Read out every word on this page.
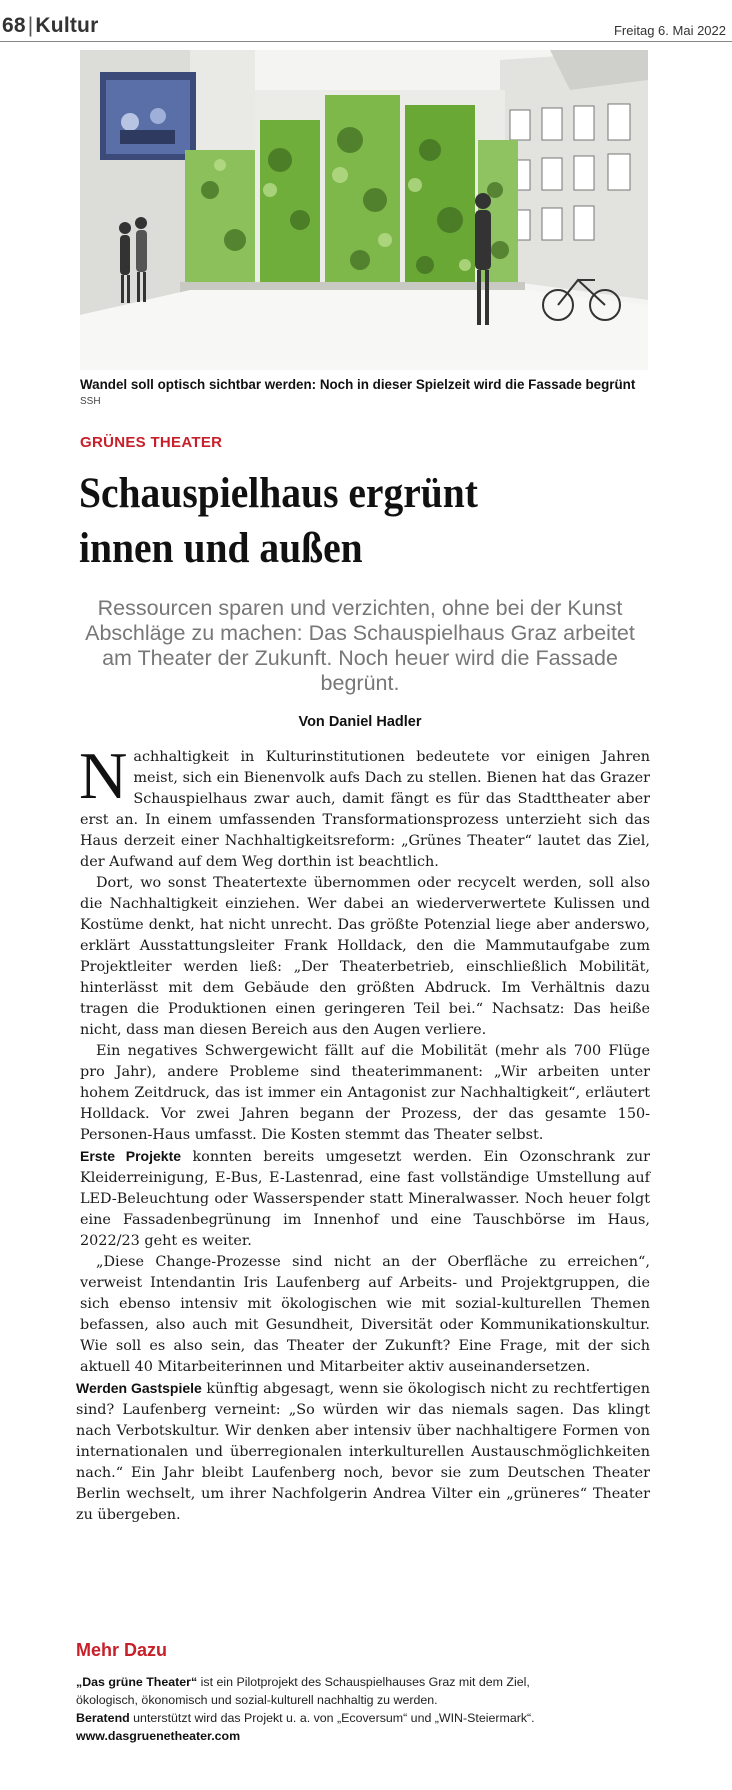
68|Kultur	Freitag 6. Mai 2022
Wandel soll optisch sichtbar werden: Noch in dieser Spielzeit wird die Fassade begrünt
SSH
GRÜNES THEATER
Schauspielhaus ergrünt
innen und außen
Ressourcen sparen und verzichten, ohne bei der Kunst Abschläge zu machen: Das Schauspielhaus Graz arbeitet am Theater der Zukunft. Noch heuer wird die Fassade begrünt.
Von Daniel Hadler

Nachhaltigkeit in Kulturinstitutionen bedeutete vor einigen Jahren meist, sich ein Bienenvolk aufs Dach zu stellen. Bienen hat das Grazer Schauspielhaus zwar auch, damit fängt es für das Stadttheater aber erst an. In einem umfassenden Transformationsprozess unterzieht sich das Haus derzeit einer Nachhaltigkeitsreform: „Grünes Theater“ lautet das Ziel, der Aufwand auf dem Weg dorthin ist beachtlich.

Dort, wo sonst Theatertexte übernommen oder recycelt werden, soll also die Nachhaltigkeit einziehen. Wer dabei an wiederverwertete Kulissen und Kostüme denkt, hat nicht unrecht. Das größte Potenzial liege aber anderswo, erklärt Ausstattungsleiter Frank Holldack, den die Mammutaufgabe zum Projektleiter werden ließ: „Der Theaterbetrieb, einschließlich Mobilität, hinterlässt mit dem Gebäude den größten Abdruck. Im Verhältnis dazu tragen die Produktionen einen geringeren Teil bei.“ Nachsatz: Das heiße nicht, dass man diesen Bereich aus den Augen verliere.

Ein negatives Schwergewicht fällt auf die Mobilität (mehr als 700 Flüge pro Jahr), andere Probleme sind theaterimmanent: „Wir arbeiten unter hohem Zeitdruck, das ist immer ein Antagonist zur Nachhaltigkeit“, erläutert Holldack. Vor zwei Jahren begann der Prozess, der das gesamte 150-Personen-Haus umfasst. Die Kosten stemmt das Theater selbst.

Erste Projekte konnten bereits umgesetzt werden. Ein Ozonschrank zur Kleiderreinigung, E-Bus, E-Lastenrad, eine fast vollständige Umstellung auf LED-Beleuchtung oder Wasserspender statt Mineralwasser. Noch heuer folgt eine Fassadenbegrünung im Innenhof und eine Tauschbörse im Haus, 2022/23 geht es weiter.

„Diese Change-Prozesse sind nicht an der Oberfläche zu erreichen“, verweist Intendantin Iris Laufenberg auf Arbeits- und Projektgruppen, die sich ebenso intensiv mit ökologischen wie mit sozial-kulturellen Themen befassen, also auch mit Gesundheit, Diversität oder Kommunikationskultur. Wie soll es also sein, das Theater der Zukunft? Eine Frage, mit der sich aktuell 40 Mitarbeiterinnen und Mitarbeiter aktiv auseinandersetzen.

Werden Gastspiele künftig abgesagt, wenn sie ökologisch nicht zu rechtfertigen sind? Laufenberg verneint: „So würden wir das niemals sagen. Das klingt nach Verbotskultur. Wir denken aber intensiv über nachhaltigere Formen von internationalen und überregionalen interkulturellen Austauschmöglichkeiten nach.“ Ein Jahr bleibt Laufenberg noch, bevor sie zum Deutschen Theater Berlin wechselt, um ihrer Nachfolgerin Andrea Vilter ein „grüneres“ Theater zu übergeben.

Mehr Dazu

„Das grüne Theater“ ist ein Pilotprojekt des Schauspielhauses Graz mit dem Ziel, ökologisch, ökonomisch und sozial-kulturell nachhaltig zu werden.

Beratend unterstützt wird das Projekt u. a. von „Ecoversum“ und „WIN-Steiermark“. www.dasgruenetheater.com
